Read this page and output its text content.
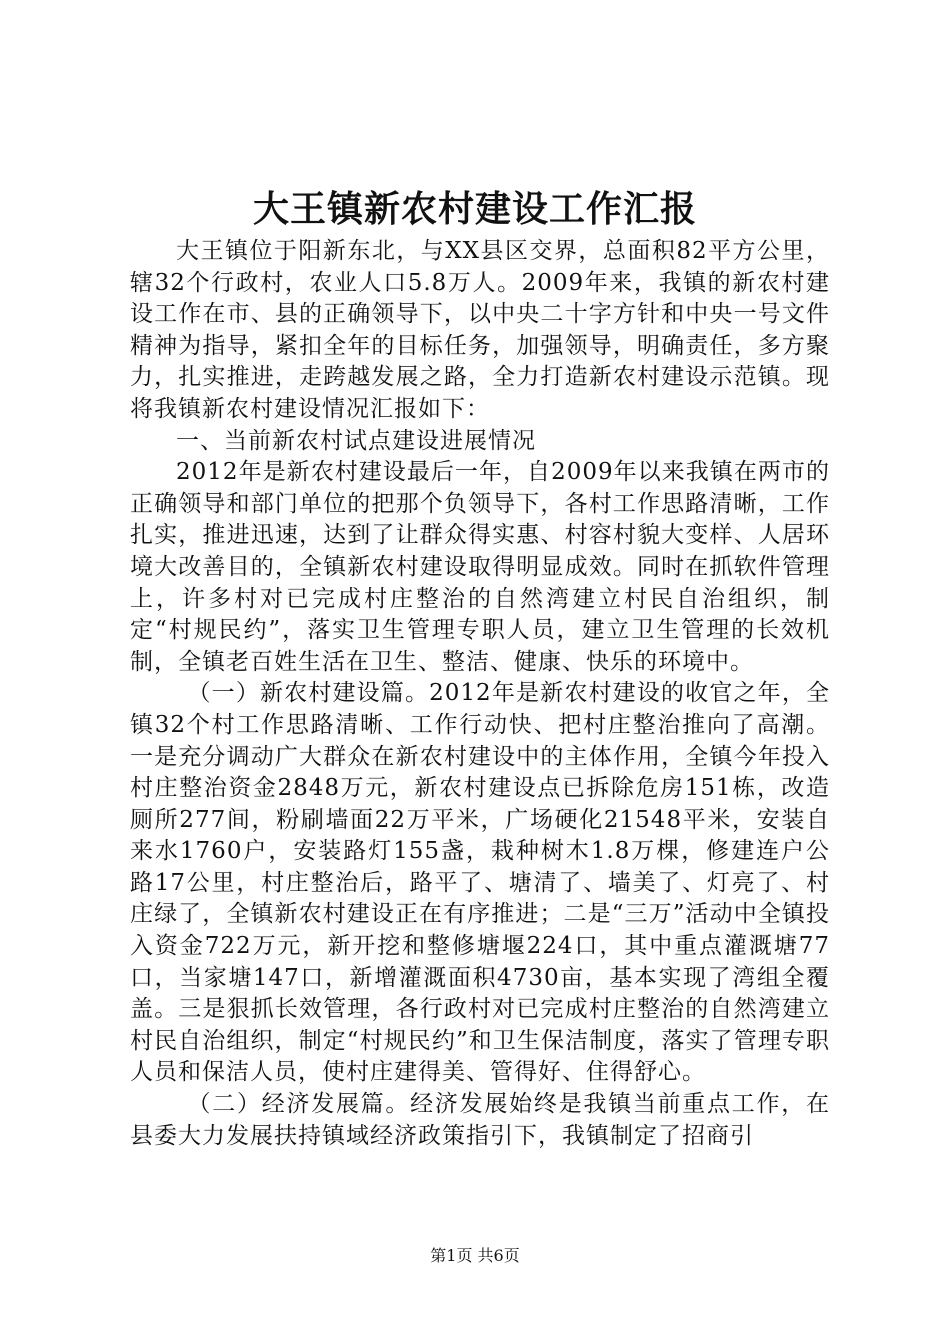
大王镇新农村建设工作汇报

大王镇位于阳新东北，与XX县区交界，总面积82平方公里，辖32个行政村，农业人口5.8万人。2009年来，我镇的新农村建设工作在市、县的正确领导下，以中央二十字方针和中央一号文件精神为指导，紧扣全年的目标任务，加强领导，明确责任，多方聚力，扎实推进，走跨越发展之路，全力打造新农村建设示范镇。现将我镇新农村建设情况汇报如下：

一、当前新农村试点建设进展情况

2012年是新农村建设最后一年，自2009年以来我镇在两市的正确领导和部门单位的把那个负领导下，各村工作思路清晰，工作扎实，推进迅速，达到了让群众得实惠、村容村貌大变样、人居环境大改善目的，全镇新农村建设取得明显成效。同时在抓软件管理上，许多村对已完成村庄整治的自然湾建立村民自治组织，制定“村规民约”，落实卫生管理专职人员，建立卫生管理的长效机制，全镇老百姓生活在卫生、整洁、健康、快乐的环境中。

（一）新农村建设篇。2012年是新农村建设的收官之年，全镇32个村工作思路清晰、工作行动快、把村庄整治推向了高潮。一是充分调动广大群众在新农村建设中的主体作用，全镇今年投入村庄整治资金2848万元，新农村建设点已拆除危房151栋，改造厕所277间，粉刷墙面22万平米，广场硬化21548平米，安装自来水1760户，安装路灯155盏，栽种树木1.8万棵，修建连户公路17公里，村庄整治后，路平了、塘清了、墙美了、灯亮了、村庄绿了，全镇新农村建设正在有序推进；二是“三万”活动中全镇投入资金722万元，新开挖和整修塘堰224口，其中重点灌溉塘77口，当家塘147口，新增灌溉面积4730亩，基本实现了湾组全覆盖。三是狠抓长效管理，各行政村对已完成村庄整治的自然湾建立村民自治组织，制定“村规民约”和卫生保洁制度，落实了管理专职人员和保洁人员，使村庄建得美、管得好、住得舒心。

（二）经济发展篇。经济发展始终是我镇当前重点工作，在县委大力发展扶持镇域经济政策指引下，我镇制定了招商引

第1页 共6页
